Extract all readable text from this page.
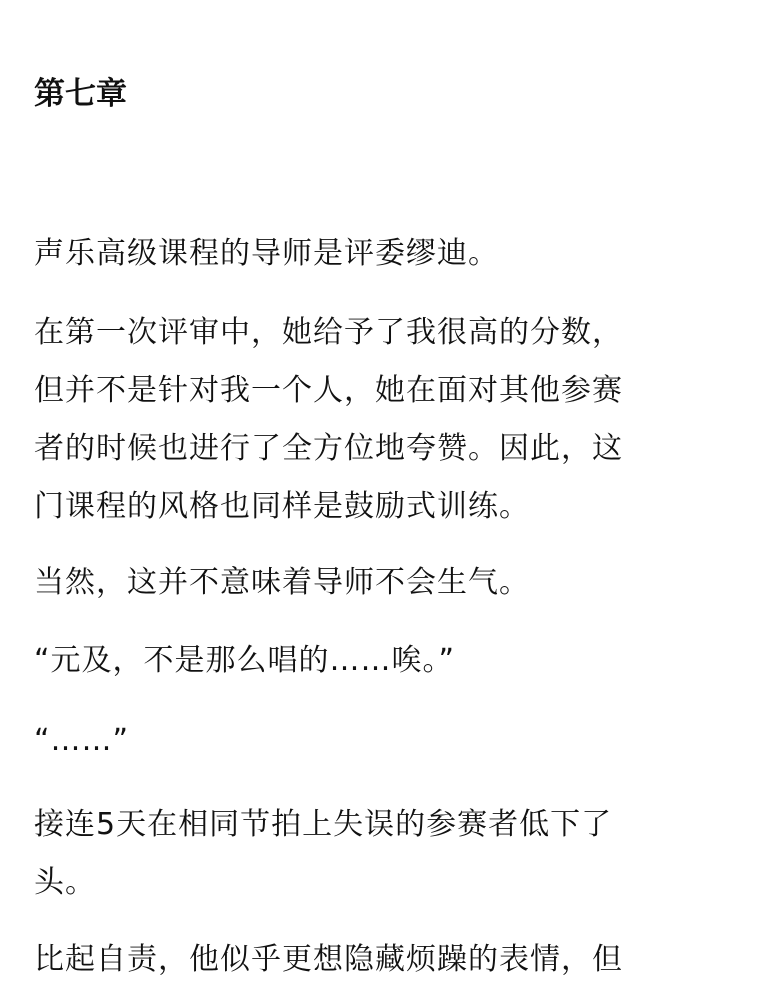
第七章

声乐高级课程的导师是评委缪迪。

在第一次评审中，她给予了我很高的分数，
但并不是针对我一个人，她在面对其他参赛
者的时候也进行了全方位地夸赞。因此，这
门课程的风格也同样是鼓励式训练。

当然，这并不意味着导师不会生气。

“元及，不是那么唱的……唉。”

“……”

接连5天在相同节拍上失误的参赛者低下了
头。

比起自责，他似乎更想隐藏烦躁的表情，但
